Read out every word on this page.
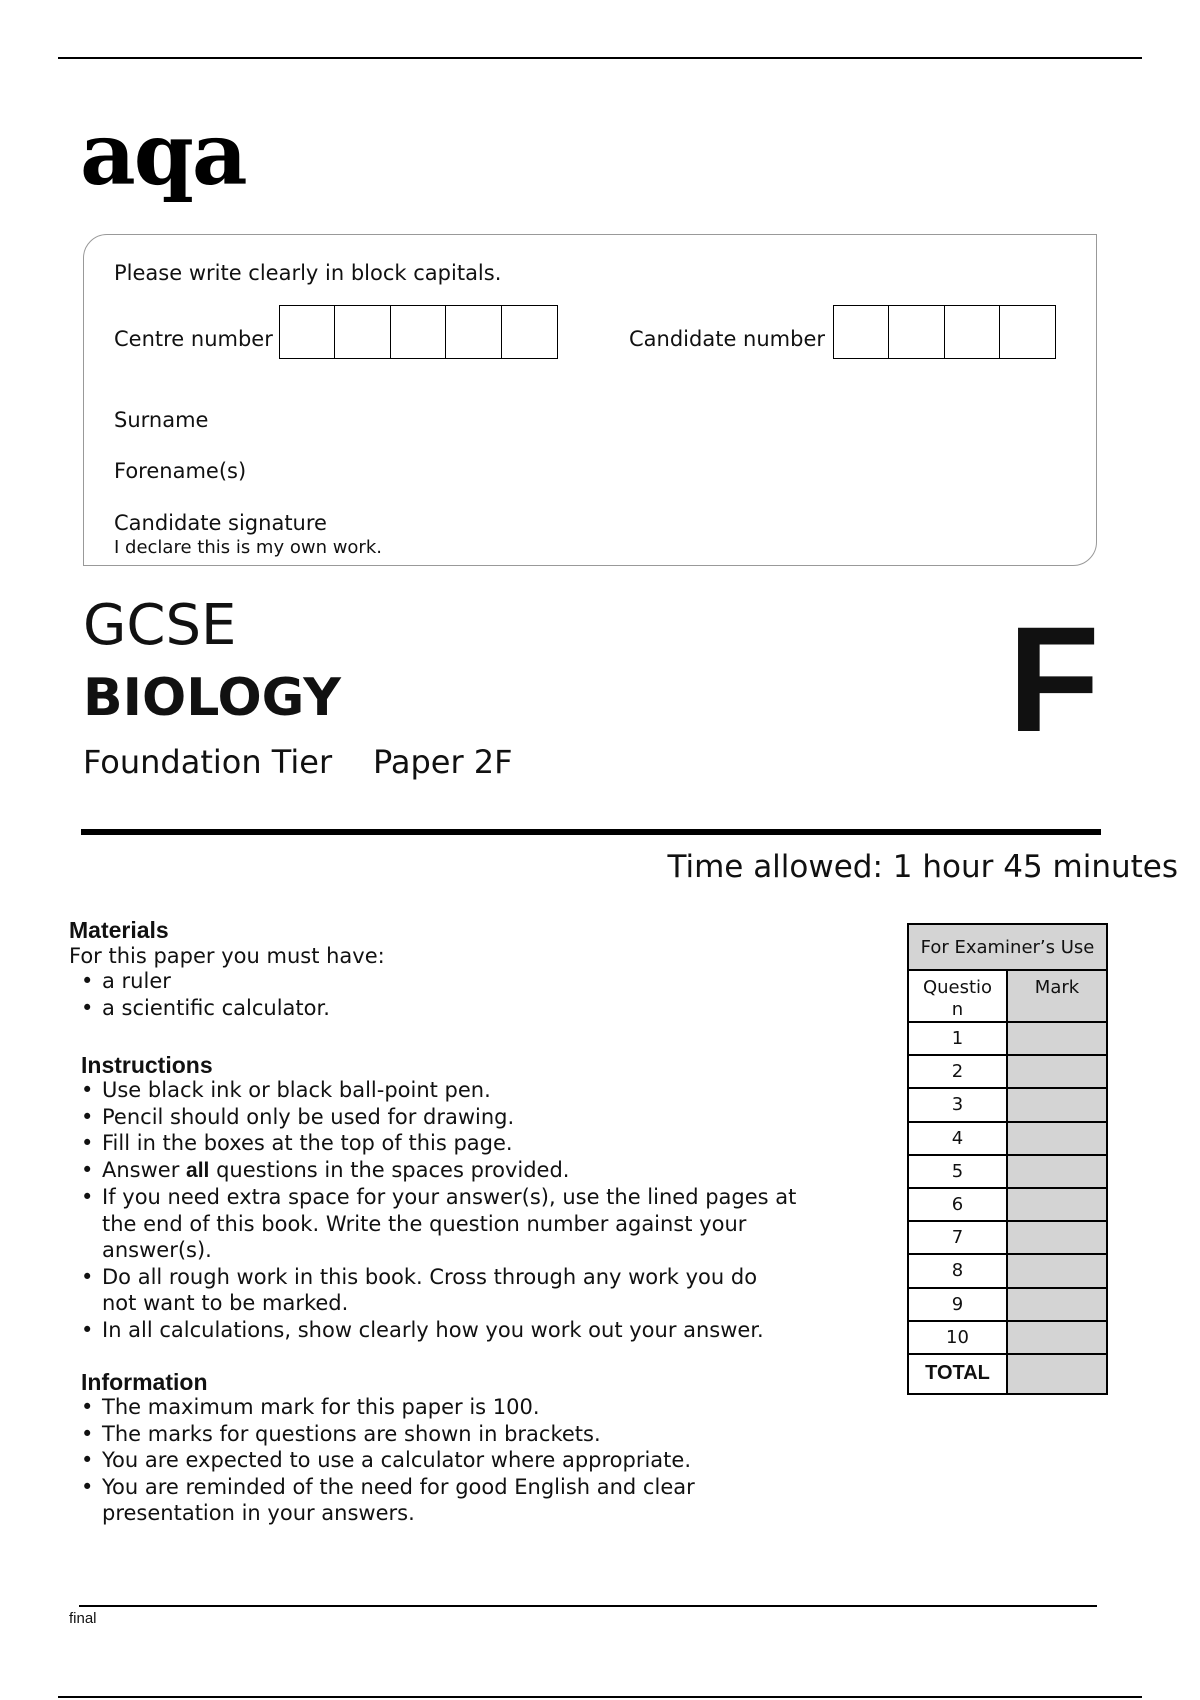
aqa
Please write clearly in block capitals.
Centre number	Candidate number
Surname
Forename(s)
Candidate signature
I declare this is my own work.
GCSE
BIOLOGY
Foundation Tier Paper 2F	F
Time allowed: 1 hour 45 minutes
Materials
For this paper you must have:
• a ruler
• a scientific calculator.
Instructions
• Use black ink or black ball-point pen.
• Pencil should only be used for drawing.
• Fill in the boxes at the top of this page.
• Answer all questions in the spaces provided.
• If you need extra space for your answer(s), use the lined pages at
the end of this book. Write the question number against your
answer(s).
• Do all rough work in this book. Cross through any work you do
not want to be marked.
• In all calculations, show clearly how you work out your answer.
Information
• The maximum mark for this paper is 100.
• The marks for questions are shown in brackets.
• You are expected to use a calculator where appropriate.
• You are reminded of the need for good English and clear
presentation in your answers.
For Examiner’s Use	

Questio
n	Mark
1	
2	
3	
4	
5	
6	
7	
8	
9	
10	
TOTAL	
final
